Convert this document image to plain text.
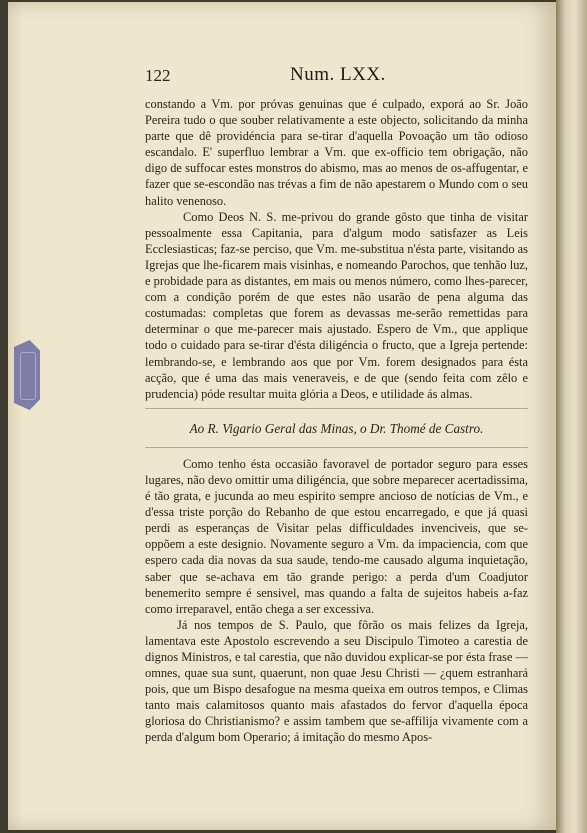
122	Num. LXX.

constando a Vm. por próvas genuinas que é culpado, exporá ao Sr. João Pereira tudo o que souber relativamente a este objecto, solicitando da minha parte que dê providéncia para se-tirar d'aquella Povoação um tão odioso escandalo. E' superfluo lembrar a Vm. que ex-officio tem obrigação, não digo de suffocar estes monstros do abismo, mas ao menos de os-affugentar, e fazer que se-escondão nas trévas a fim de não apestarem o Mundo com o seu halito venenoso.

Como Deos N. S. me-privou do grande gôsto que tinha de visitar pessoalmente essa Capitania, para d'algum modo satisfazer as Leis Ecclesiasticas; faz-se perciso, que Vm. me-substitua n'ésta parte, visitando as Igrejas que lhe-ficarem mais visinhas, e nomeando Parochos, que tenhão luz, e probidade para as distantes, em mais ou menos número, como lhes-parecer, com a condição porém de que estes não usarão de pena alguma das costumadas: completas que forem as devassas me-serão remettidas para determinar o que me-parecer mais ajustado. Espero de Vm., que applique todo o cuidado para se-tirar d'ésta diligéncia o fructo, que a Igreja pertende: lembrando-se, e lembrando aos que por Vm. forem designados para ésta acção, que é uma das mais veneraveis, e de que (sendo feita com zêlo e prudencia) póde resultar muita glória a Deos, e utilidade ás almas.

Ao R. Vigario Geral das Minas, o Dr. Thomé de Castro.

Como tenho ésta occasião favoravel de portador seguro para esses lugares, não devo omittir uma diligéncia, que sobre meparecer acertadissima, é tão grata, e jucunda ao meu espirito sempre ancioso de notícias de Vm., e d'essa triste porção do Rebanho de que estou encarregado, e que já quasi perdi as esperanças de Visitar pelas difficuldades invenciveis, que se-oppõem a este designio. Novamente seguro a Vm. da impaciencia, com que espero cada dia novas da sua saude, tendo-me causado alguma inquietação, saber que se-achava em tão grande perigo: a perda d'um Coadjutor benemerito sempre é sensivel, mas quando a falta de sujeitos habeis a-faz como irreparavel, então chega a ser excessiva.

Já nos tempos de S. Paulo, que fôrão os mais felizes da Igreja, lamentava este Apostolo escrevendo a seu Discipulo Timoteo a carestia de dignos Ministros, e tal carestia, que não duvidou explicar-se por ésta frase — omnes, quae sua sunt, quaerunt, non quae Jesu Christi — ¿quem estranhará pois, que um Bispo desafogue na mesma queixa em outros tempos, e Climas tanto mais calamitosos quanto mais afastados do fervor d'aquella época gloriosa do Christianismo? e assim tambem que se-affilija vivamente com a perda d'algum bom Operario; á imitação do mesmo Apos-
